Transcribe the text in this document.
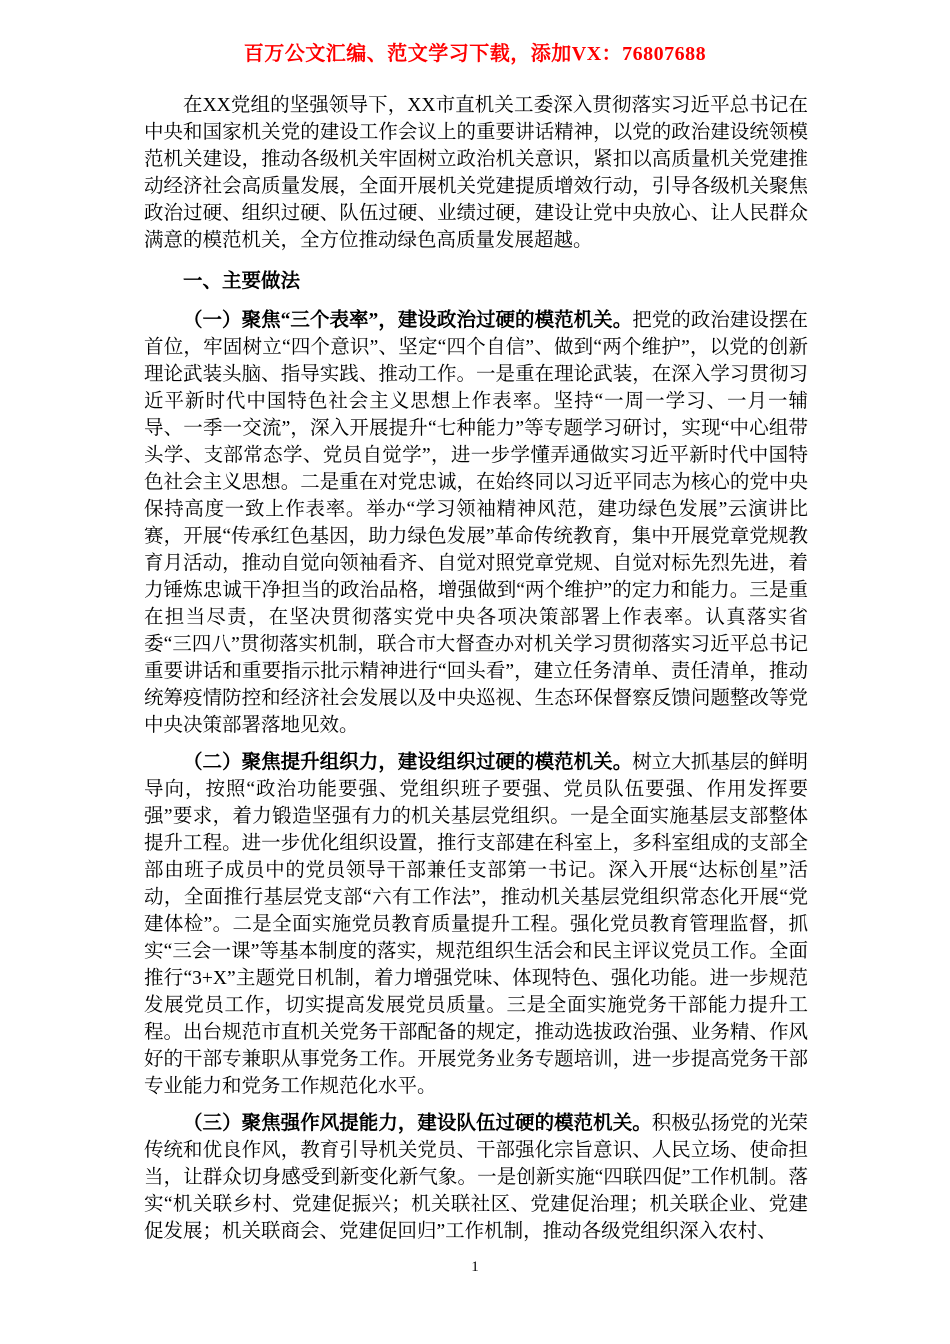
百万公文汇编、范文学习下载，添加VX：76807688

在XX党组的坚强领导下，XX市直机关工委深入贯彻落实习近平总书记在中央和国家机关党的建设工作会议上的重要讲话精神，以党的政治建设统领模范机关建设，推动各级机关牢固树立政治机关意识，紧扣以高质量机关党建推动经济社会高质量发展，全面开展机关党建提质增效行动，引导各级机关聚焦政治过硬、组织过硬、队伍过硬、业绩过硬，建设让党中央放心、让人民群众满意的模范机关，全方位推动绿色高质量发展超越。

一、主要做法

（一）聚焦“三个表率”，建设政治过硬的模范机关。把党的政治建设摆在首位，牢固树立“四个意识”、坚定“四个自信”、做到“两个维护”，以党的创新理论武装头脑、指导实践、推动工作。一是重在理论武装，在深入学习贯彻习近平新时代中国特色社会主义思想上作表率。坚持“一周一学习、一月一辅导、一季一交流”，深入开展提升“七种能力”等专题学习研讨，实现“中心组带头学、支部常态学、党员自觉学”，进一步学懂弄通做实习近平新时代中国特色社会主义思想。二是重在对党忠诚，在始终同以习近平同志为核心的党中央保持高度一致上作表率。举办“学习领袖精神风范，建功绿色发展”云演讲比赛，开展“传承红色基因，助力绿色发展”革命传统教育，集中开展党章党规教育月活动，推动自觉向领袖看齐、自觉对照党章党规、自觉对标先烈先进，着力锤炼忠诚干净担当的政治品格，增强做到“两个维护”的定力和能力。三是重在担当尽责，在坚决贯彻落实党中央各项决策部署上作表率。认真落实省委“三四八”贯彻落实机制，联合市大督查办对机关学习贯彻落实习近平总书记重要讲话和重要指示批示精神进行“回头看”，建立任务清单、责任清单，推动统筹疫情防控和经济社会发展以及中央巡视、生态环保督察反馈问题整改等党中央决策部署落地见效。

（二）聚焦提升组织力，建设组织过硬的模范机关。树立大抓基层的鲜明导向，按照“政治功能要强、党组织班子要强、党员队伍要强、作用发挥要强”要求，着力锻造坚强有力的机关基层党组织。一是全面实施基层支部整体提升工程。进一步优化组织设置，推行支部建在科室上，多科室组成的支部全部由班子成员中的党员领导干部兼任支部第一书记。深入开展“达标创星”活动，全面推行基层党支部“六有工作法”，推动机关基层党组织常态化开展“党建体检”。二是全面实施党员教育质量提升工程。强化党员教育管理监督，抓实“三会一课”等基本制度的落实，规范组织生活会和民主评议党员工作。全面推行“3+X”主题党日机制，着力增强党味、体现特色、强化功能。进一步规范发展党员工作，切实提高发展党员质量。三是全面实施党务干部能力提升工程。出台规范市直机关党务干部配备的规定，推动选拔政治强、业务精、作风好的干部专兼职从事党务工作。开展党务业务专题培训，进一步提高党务干部专业能力和党务工作规范化水平。

（三）聚焦强作风提能力，建设队伍过硬的模范机关。积极弘扬党的光荣传统和优良作风，教育引导机关党员、干部强化宗旨意识、人民立场、使命担当，让群众切身感受到新变化新气象。一是创新实施“四联四促”工作机制。落实“机关联乡村、党建促振兴；机关联社区、党建促治理；机关联企业、党建促发展；机关联商会、党建促回归”工作机制，推动各级党组织深入农村、

1
